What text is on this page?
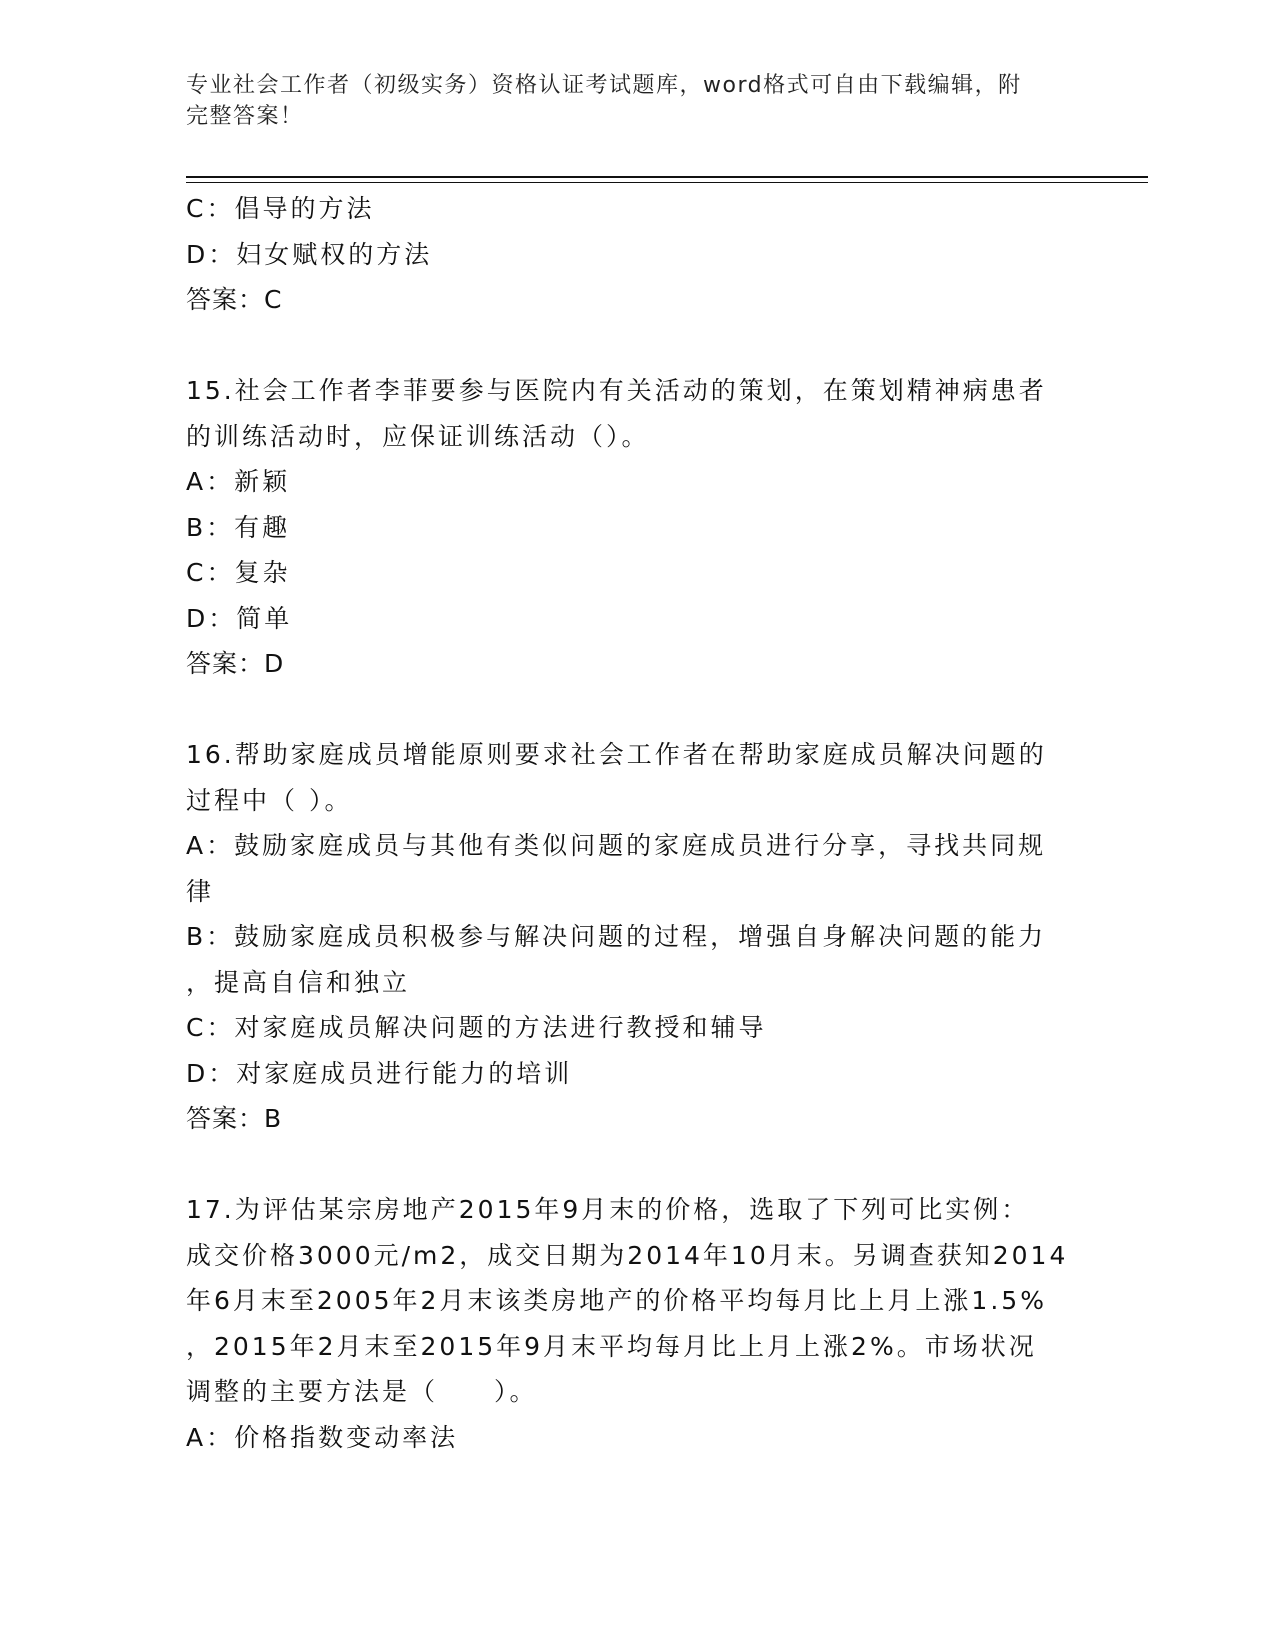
专业社会工作者（初级实务）资格认证考试题库，word格式可自由下载编辑，附
完整答案！

C：倡导的方法

D：妇女赋权的方法

答案：C

15.社会工作者李菲要参与医院内有关活动的策划，在策划精神病患者

的训练活动时，应保证训练活动（）。

A：新颖

B：有趣

C：复杂

D：简单

答案：D

16.帮助家庭成员增能原则要求社会工作者在帮助家庭成员解决问题的

过程中（ ）。

A：鼓励家庭成员与其他有类似问题的家庭成员进行分享，寻找共同规

律

B：鼓励家庭成员积极参与解决问题的过程，增强自身解决问题的能力

，提高自信和独立

C：对家庭成员解决问题的方法进行教授和辅导

D：对家庭成员进行能力的培训

答案：B

17.为评估某宗房地产2015年9月末的价格，选取了下列可比实例：

成交价格3000元/m2，成交日期为2014年10月末。另调查获知2014

年6月末至2005年2月末该类房地产的价格平均每月比上月上涨1.5%

，2015年2月末至2015年9月末平均每月比上月上涨2%。市场状况

调整的主要方法是（　　）。

A：价格指数变动率法
